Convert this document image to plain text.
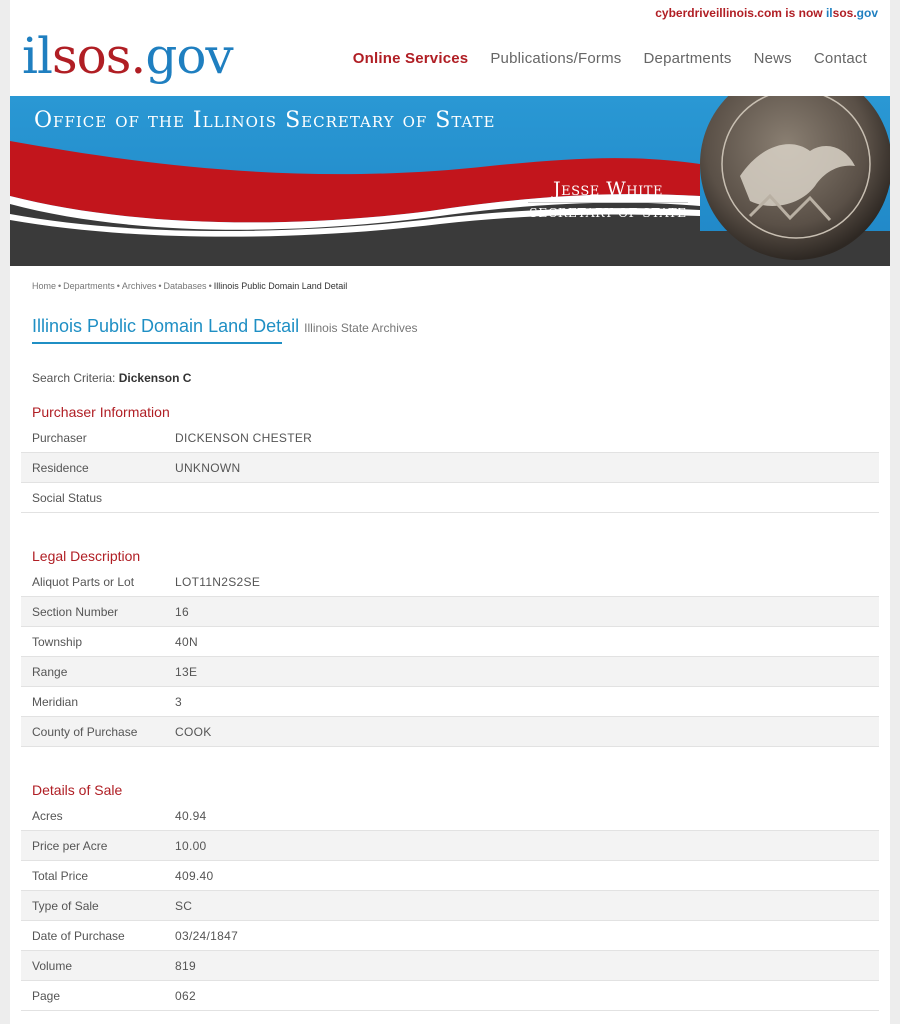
cyberdriveillinois.com is now ilsos.gov
ilsos.gov	Online Services	Publications/Forms	Departments	News	Contact
Office of the Illinois Secretary of State
Jesse White
SECRETARY OF STATE
Home • Departments • Archives • Databases • Illinois Public Domain Land Detail
Illinois Public Domain Land Detail Illinois State Archives
Search Criteria: Dickenson C
Purchaser Information
Purchaser	DICKENSON CHESTER
Residence	UNKNOWN
Social Status
Legal Description
Aliquot Parts or Lot	LOT11N2S2SE
Section Number	16
Township	40N
Range	13E
Meridian	3
County of Purchase	COOK
Details of Sale
Acres	40.94
Price per Acre	10.00
Total Price	409.40
Type of Sale	SC
Date of Purchase	03/24/1847
Volume	819
Page	062
